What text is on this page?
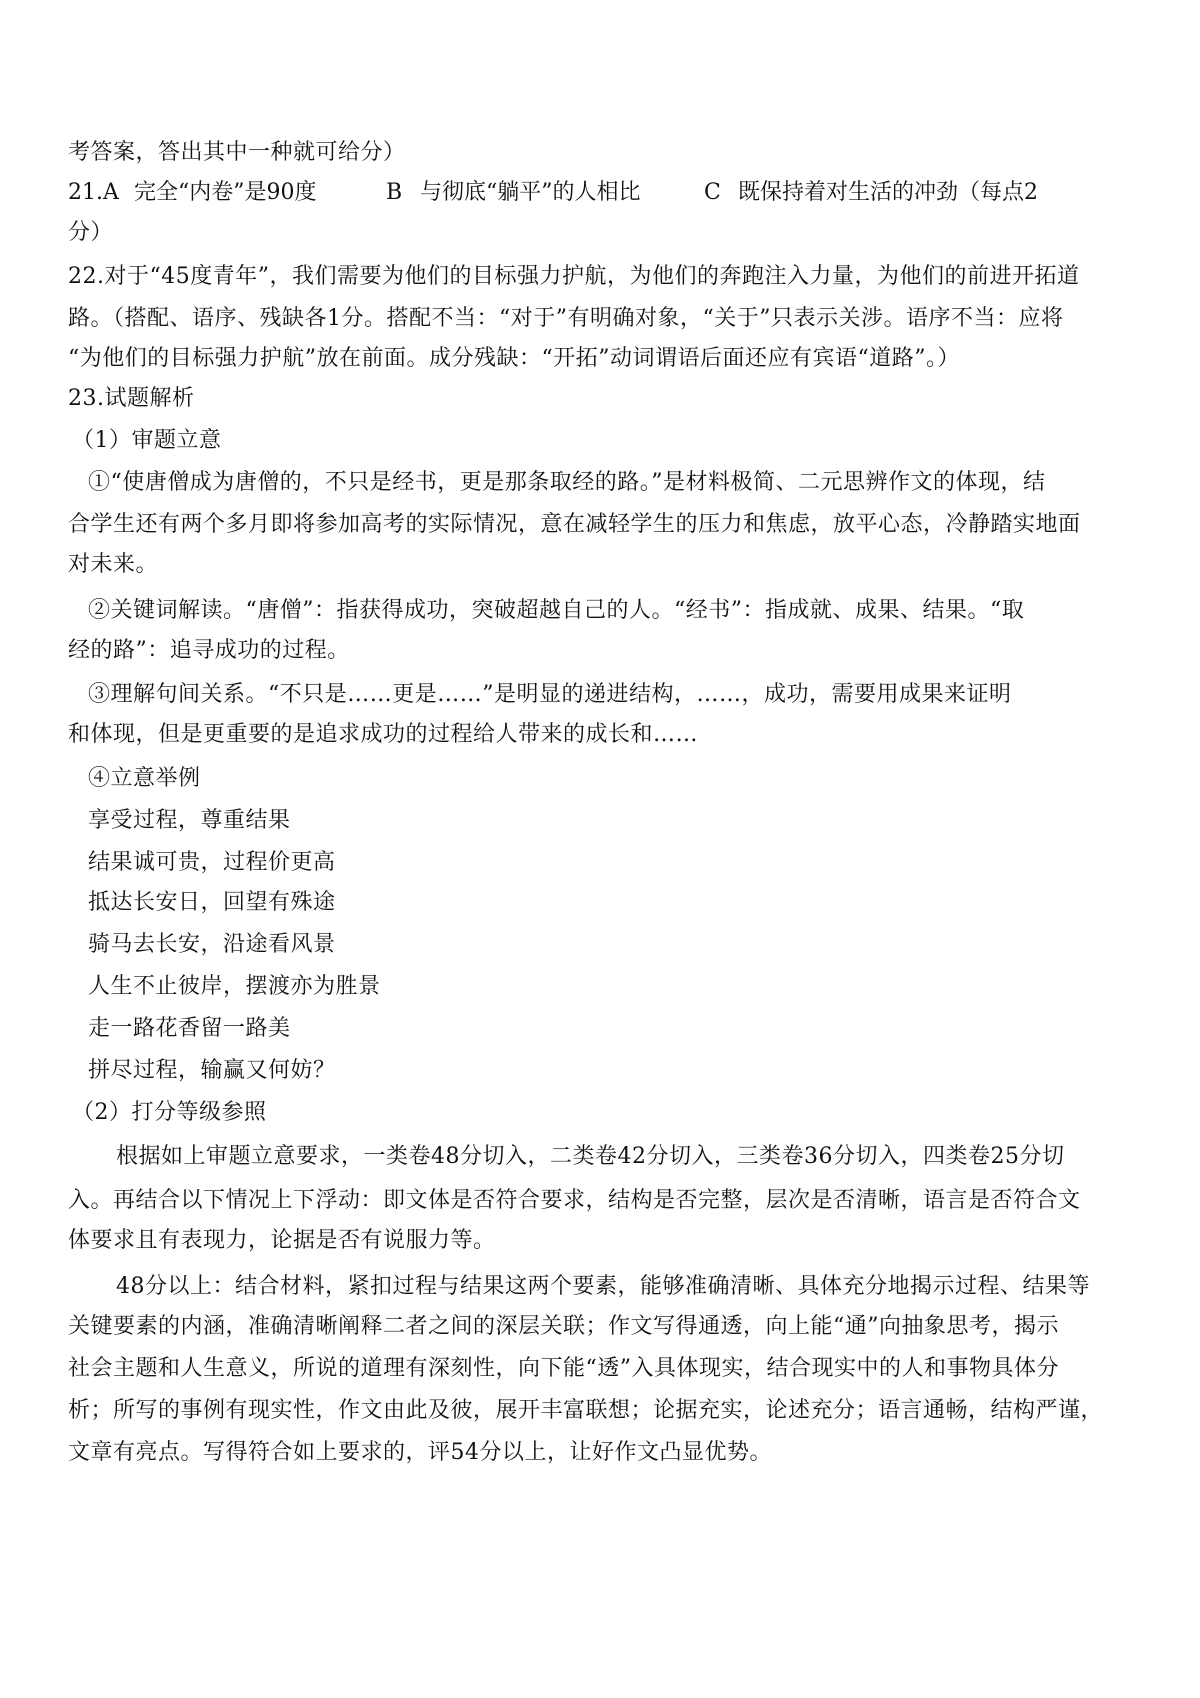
考答案，答出其中一种就可给分）
21.A 完全“内卷”是90度	B 与彻底“躺平”的人相比	C 既保持着对生活的冲劲（每点2
分）
22.对于“45度青年”，我们需要为他们的目标强力护航，为他们的奔跑注入力量，为他们的前进开拓道
路。（搭配、语序、残缺各1分。搭配不当：“对于”有明确对象，“关于”只表示关涉。语序不当：应将
“为他们的目标强力护航”放在前面。成分残缺：“开拓”动词谓语后面还应有宾语“道路”。）
23.试题解析
（1）审题立意
①“使唐僧成为唐僧的，不只是经书，更是那条取经的路。”是材料极简、二元思辨作文的体现，结
合学生还有两个多月即将参加高考的实际情况，意在减轻学生的压力和焦虑，放平心态，冷静踏实地面
对未来。
②关键词解读。“唐僧”：指获得成功，突破超越自己的人。“经书”：指成就、成果、结果。“取
经的路”：追寻成功的过程。
③理解句间关系。“不只是……更是……”是明显的递进结构，……，成功，需要用成果来证明
和体现，但是更重要的是追求成功的过程给人带来的成长和……
④立意举例
享受过程，尊重结果
结果诚可贵，过程价更高
抵达长安日，回望有殊途
骑马去长安，沿途看风景
人生不止彼岸，摆渡亦为胜景
走一路花香留一路美
拼尽过程，输赢又何妨？
（2）打分等级参照
根据如上审题立意要求，一类卷48分切入，二类卷42分切入，三类卷36分切入，四类卷25分切
入。再结合以下情况上下浮动：即文体是否符合要求，结构是否完整，层次是否清晰，语言是否符合文
体要求且有表现力，论据是否有说服力等。
48分以上：结合材料，紧扣过程与结果这两个要素，能够准确清晰、具体充分地揭示过程、结果等
关键要素的内涵，准确清晰阐释二者之间的深层关联；作文写得通透，向上能“通”向抽象思考，揭示
社会主题和人生意义，所说的道理有深刻性，向下能“透”入具体现实，结合现实中的人和事物具体分
析；所写的事例有现实性，作文由此及彼，展开丰富联想；论据充实，论述充分；语言通畅，结构严谨，
文章有亮点。写得符合如上要求的，评54分以上，让好作文凸显优势。
